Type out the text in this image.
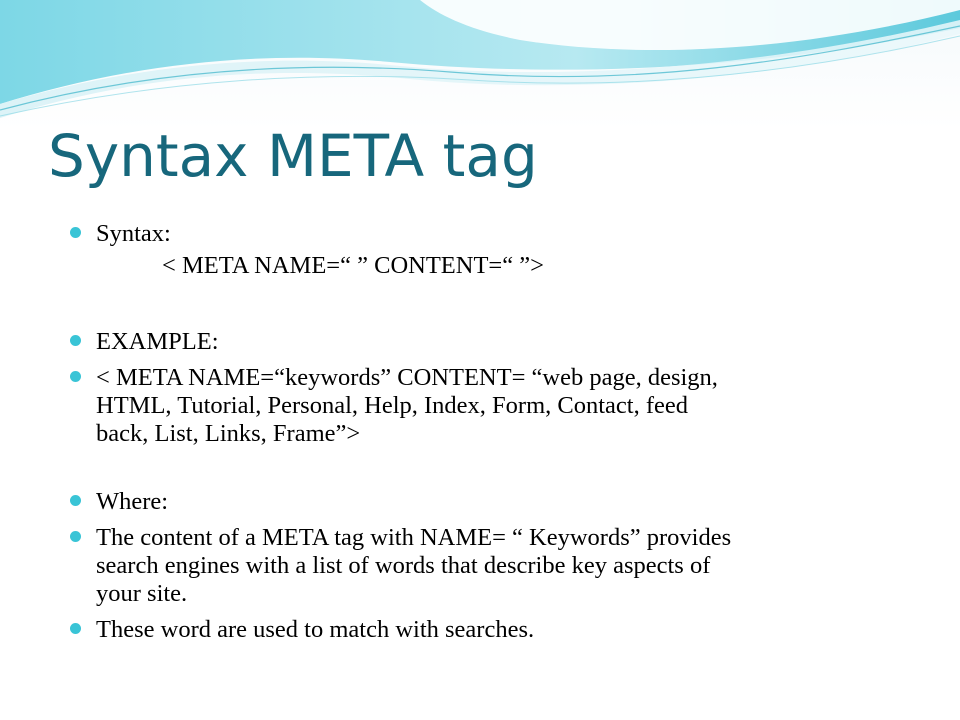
Syntax META tag
Syntax:
< META NAME=“ ” CONTENT=“ ”>
EXAMPLE:
< META NAME=“keywords” CONTENT= “web page, design,
HTML, Tutorial, Personal, Help, Index, Form, Contact, feed
back, List, Links, Frame”>
Where:
The content of a META tag with NAME= “ Keywords” provides
search engines with a list of words that describe key aspects of
your site.
These word are used to match with searches.
